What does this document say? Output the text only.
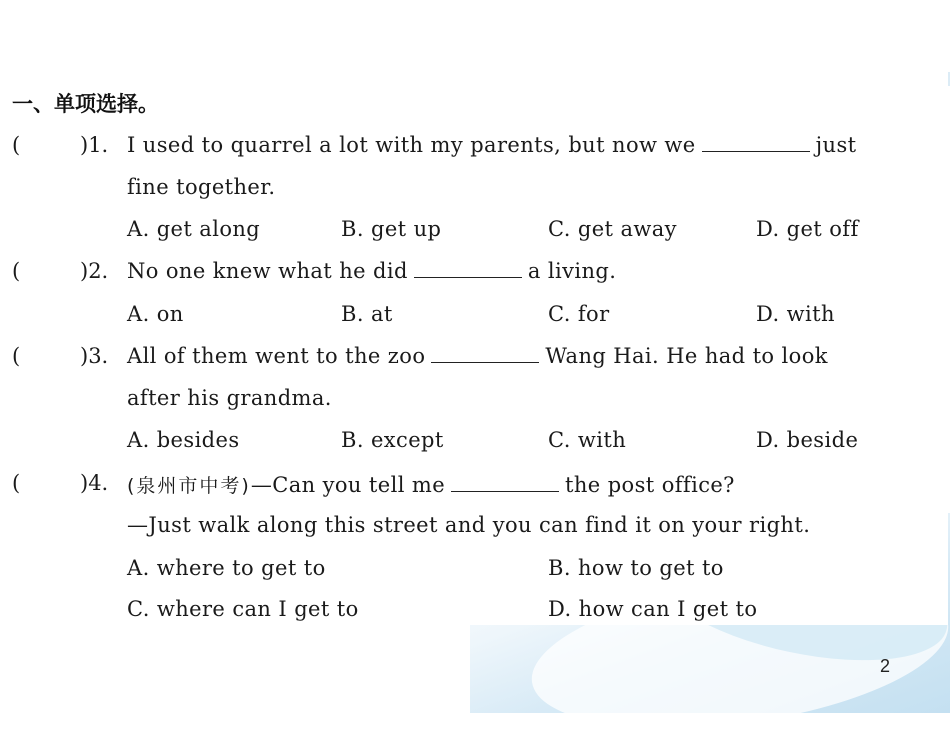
一、单项选择。
(	)1. I used to quarrel a lot with my parents, but now we	just
fine together.
A. get along	B. get up	C. get away	D. get off
(	)2. No one knew what he did	a living.
A. on	B. at	C. for	D. with
(	)3. All of them went to the zoo	Wang Hai. He had to look
after his grandma.
A. besides	B. except	C. with	D. beside
(	)4. (泉州市中考)—Can you tell me	the post office?
—Just walk along this street and you can find it on your right.
A. where to get to	B. how to get to
C. where can I get to	D. how can I get to
2
